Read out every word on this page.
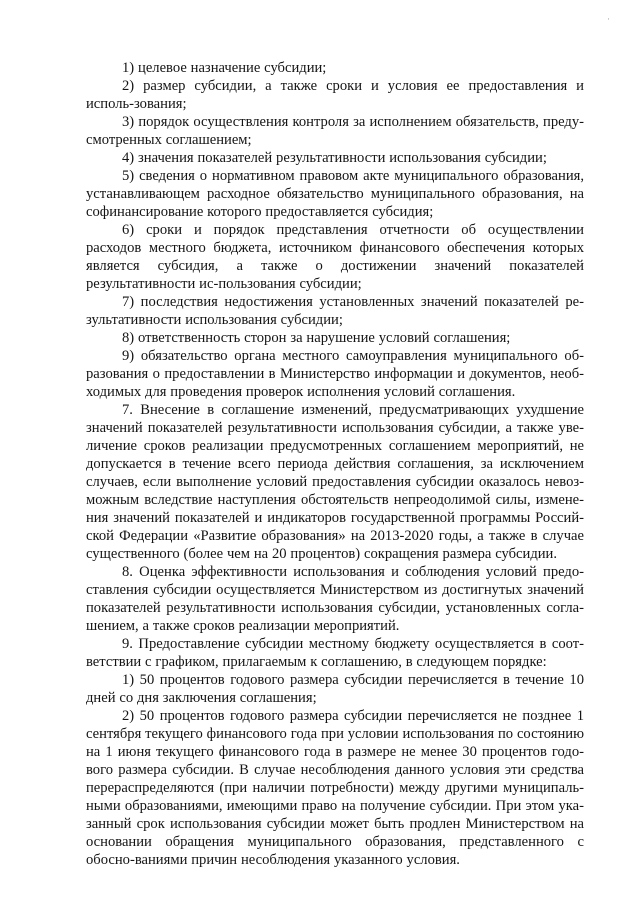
·

1) целевое назначение субсидии;

2) размер субсидии, а также сроки и условия ее предоставления и исполь-зования;

3) порядок осуществления контроля за исполнением обязательств, преду-смотренных соглашением;

4) значения показателей результативности использования субсидии;

5) сведения о нормативном правовом акте муниципального образования, устанавливающем расходное обязательство муниципального образования, на софинансирование которого предоставляется субсидия;

6) сроки и порядок представления отчетности об осуществлении расходов местного бюджета, источником финансового обеспечения которых является субсидия, а также о достижении значений показателей результативности ис-пользования субсидии;

7) последствия недостижения установленных значений показателей ре-зультативности использования субсидии;

8) ответственность сторон за нарушение условий соглашения;

9) обязательство органа местного самоуправления муниципального об-разования о предоставлении в Министерство информации и документов, необ-ходимых для проведения проверок исполнения условий соглашения.

7. Внесение в соглашение изменений, предусматривающих ухудшение значений показателей результативности использования субсидии, а также уве-личение сроков реализации предусмотренных соглашением мероприятий, не допускается в течение всего периода действия соглашения, за исключением случаев, если выполнение условий предоставления субсидии оказалось невоз-можным вследствие наступления обстоятельств непреодолимой силы, измене-ния значений показателей и индикаторов государственной программы Россий-ской Федерации «Развитие образования» на 2013-2020 годы, а также в случае существенного (более чем на 20 процентов) сокращения размера субсидии.

8. Оценка эффективности использования и соблюдения условий предо-ставления субсидии осуществляется Министерством из достигнутых значений показателей результативности использования субсидии, установленных согла-шением, а также сроков реализации мероприятий.

9. Предоставление субсидии местному бюджету осуществляется в соот-ветствии с графиком, прилагаемым к соглашению, в следующем порядке:

1) 50 процентов годового размера субсидии перечисляется в течение 10 дней со дня заключения соглашения;

2) 50 процентов годового размера субсидии перечисляется не позднее 1 сентября текущего финансового года при условии использования по состоянию на 1 июня текущего финансового года в размере не менее 30 процентов годо-вого размера субсидии. В случае несоблюдения данного условия эти средства перераспределяются (при наличии потребности) между другими муниципаль-ными образованиями, имеющими право на получение субсидии. При этом ука-занный срок использования субсидии может быть продлен Министерством на основании обращения муниципального образования, представленного с обосно-ваниями причин несоблюдения указанного условия.
